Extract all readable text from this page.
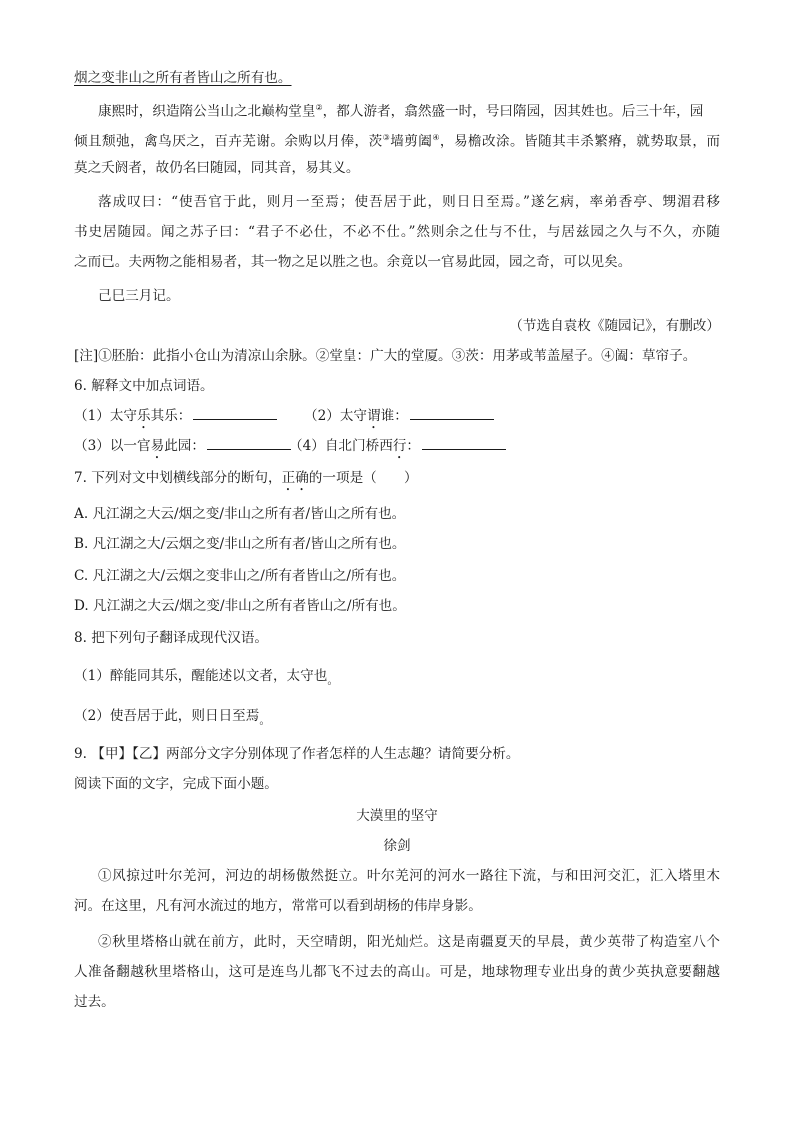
烟之变非山之所有者皆山之所有也。
康熙时，织造隋公当山之北巅构堂皇②，都人游者，翕然盛一时，号曰隋园，因其姓也。后三十年，园
倾且颓弛，禽鸟厌之，百卉芜谢。余购以月俸，茨③墙剪阖④，易檐改涂。皆随其丰杀繁瘠，就势取景，而
莫之夭阏者，故仍名曰随园，同其音，易其义。
落成叹曰：“使吾官于此，则月一至焉；使吾居于此，则日日至焉。”遂乞病，率弟香亭、甥湄君移
书史居随园。闻之苏子曰：“君子不必仕，不必不仕。”然则余之仕与不仕，与居兹园之久与不久，亦随
之而已。夫两物之能相易者，其一物之足以胜之也。余竟以一官易此园，园之奇，可以见矣。
己巳三月记。
（节选自袁枚《随园记》，有删改）
[注]①胚胎：此指小仓山为清凉山余脉。②堂皇：广大的堂厦。③茨：用茅或苇盖屋子。④阖：草帘子。
6. 解释文中加点词语。
（1）太守乐其乐：	（2）太守谓谁：
（3）以一官易此园：	（4）自北门桥西行：
7. 下列对文中划横线部分的断句，正确的一项是（　　）
A. 凡江湖之大云/烟之变/非山之所有者/皆山之所有也。
B. 凡江湖之大/云烟之变/非山之所有者/皆山之所有也。
C. 凡江湖之大/云烟之变非山之/所有者皆山之/所有也。
D. 凡江湖之大云/烟之变/非山之所有者皆山之/所有也。
8. 把下列句子翻译成现代汉语。
（1）醉能同其乐，醒能述以文者，太守也$_。$
（2）使吾居于此，则日日至焉$_。$
9. 【甲】【乙】两部分文字分别体现了作者怎样的人生志趣？请简要分析。
阅读下面的文字，完成下面小题。
大漠里的坚守
徐剑
①风掠过叶尔羌河，河边的胡杨傲然挺立。叶尔羌河的河水一路往下流，与和田河交汇，汇入塔里木
河。在这里，凡有河水流过的地方，常常可以看到胡杨的伟岸身影。
②秋里塔格山就在前方，此时，天空晴朗，阳光灿烂。这是南疆夏天的早晨，黄少英带了构造室八个
人准备翻越秋里塔格山，这可是连鸟儿都飞不过去的高山。可是，地球物理专业出身的黄少英执意要翻越
过去。
